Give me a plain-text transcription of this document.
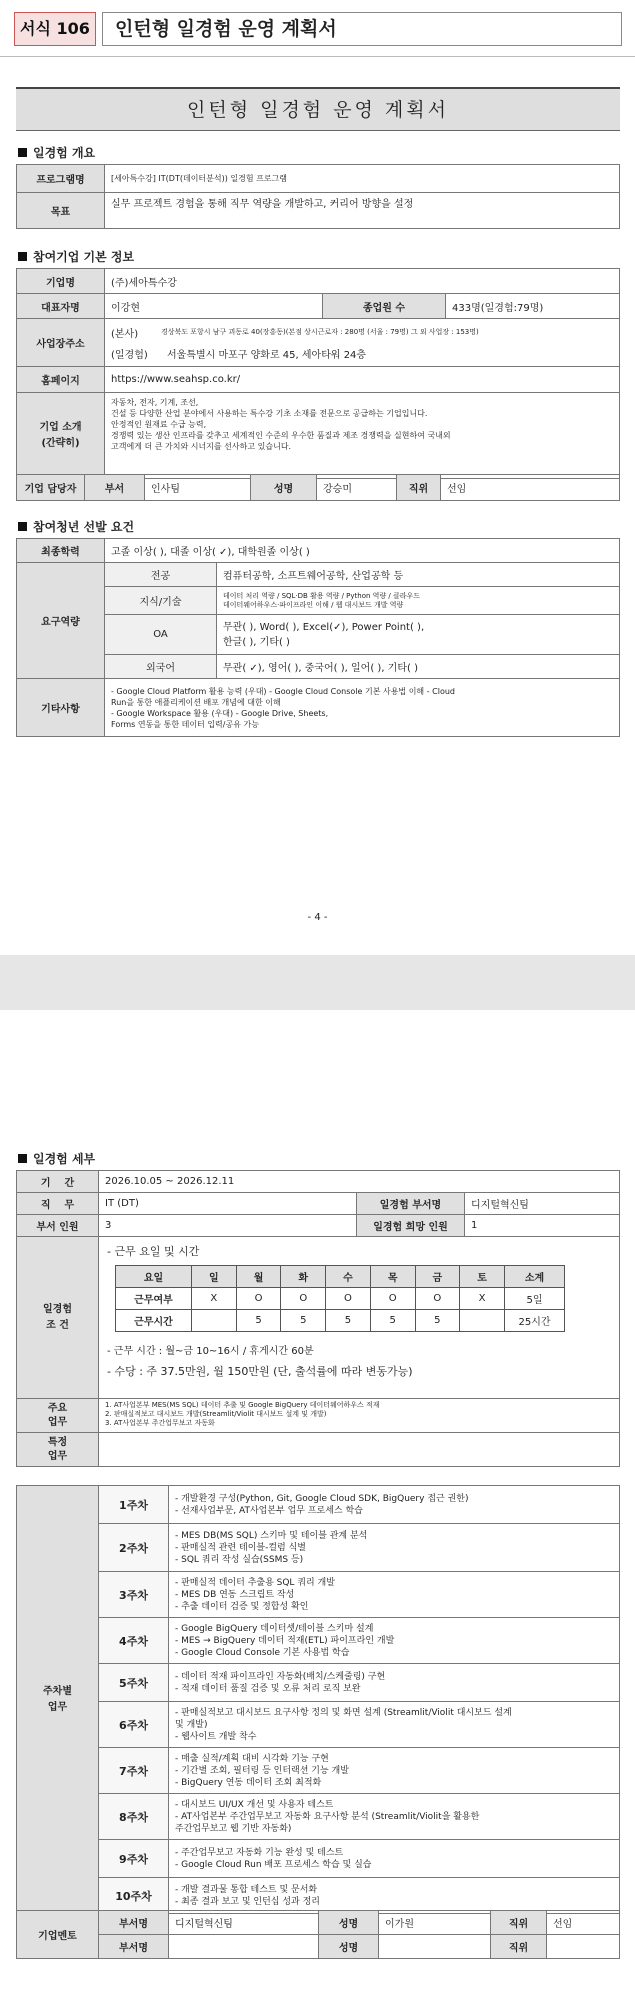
서식 106	인턴형 일경험 운영 계획서
인턴형 일경험 운영 계획서
일경험 개요
프로그램명	[세아특수강] IT(DT(데이터분석)) 일경험 프로그램
목표	실무 프로젝트 경험을 통해 직무 역량을 개발하고, 커리어 방향을 설정
참여기업 기본 정보
기업명	(주)세아특수강		
대표자명	이강현	종업원 수	433명(일경험:79명)
사업장주소	(본사) 경상북도 포항시 남구 괴동로 40(장흥동)(본점 상시근로자 : 280명 (서울 : 79명) 그 외 사업장 : 153명)
(일경험) 서울특별시 마포구 양화로 45, 세아타워 24층		

홈페이지	https://www.seahsp.co.kr/		
기업 소개
(간략히)	자동차, 전자, 기계, 조선,
건설 등 다양한 산업 분야에서 사용하는 특수강 기초 소재를 전문으로 공급하는 기업입니다.
안정적인 원재료 수급 능력,
경쟁력 있는 생산 인프라를 갖추고 세계적인 수준의 우수한 품질과 제조 경쟁력을 실현하여 국내외
고객에게 더 큰 가치와 시너지를 선사하고 있습니다.		
기업 담당자	부서	인사팀	성명	강승미	직위	선임
참여청년 선발 요건
최종학력	고졸 이상( ), 대졸 이상( ✓), 대학원졸 이상( )	
요구역량	전공	컴퓨터공학, 소프트웨어공학, 산업공학 등
	지식/기술	데이터 처리 역량 / SQL·DB 활용 역량 / Python 역량 / 클라우드
데이터웨어하우스·파이프라인 이해 / 웹 대시보드 개발 역량
	OA	무관( ), Word( ), Excel(✓), Power Point( ),
한글( ), 기타( )
	외국어	무관( ✓), 영어( ), 중국어( ), 일어( ), 기타( )
기타사항	- Google Cloud Platform 활용 능력 (우대) - Google Cloud Console 기본 사용법 이해 - Cloud
Run을 통한 애플리케이션 배포 개념에 대한 이해
- Google Workspace 활용 (우대) - Google Drive, Sheets,
Forms 연동을 통한 데이터 입력/공유 가능	
- 4 -
일경험 세부
기    간	2026.10.05 ~ 2026.12.11
직    무	IT (DT)	일경험 부서명	디지털혁신팀
부서 인원	3	일경험 희망 인원	1
일경험
조 건	
- 근무 요일 및 시간
요일	일	월	화	수	목	금	토	소계
근무여부	X	O	O	O	O	O	X	5일
근무시간		5	5	5	5	5		25시간
- 근무 시간 : 월~금 10~16시 / 휴게시간 60분
- 수당 : 주 37.5만원, 월 150만원 (단, 출석률에 따라 변동가능)

주요
업무	1. AT사업본부 MES(MS SQL) 데이터 추출 및 Google BigQuery 데이터웨어하우스 적재
2. 판매실적보고 대시보드 개발(Streamlit/Violit 대시보드 설계 및 개발)
3. AT사업본부 주간업무보고 자동화
특정
업무	
주차별
업무	1주차	- 개발환경 구성(Python, Git, Google Cloud SDK, BigQuery 접근 권한)
- 선재사업부문, AT사업본부 업무 프로세스 학습
	2주차	- MES DB(MS SQL) 스키마 및 테이블 관계 분석
- 판매실적 관련 테이블-컬럼 식별
- SQL 쿼리 작성 실습(SSMS 등)
	3주차	- 판매실적 데이터 추출용 SQL 쿼리 개발
- MES DB 연동 스크립트 작성
- 추출 데이터 검증 및 정합성 확인
	4주차	- Google BigQuery 데이터셋/테이블 스키마 설계
- MES → BigQuery 데이터 적재(ETL) 파이프라인 개발
- Google Cloud Console 기본 사용법 학습
	5주차	- 데이터 적재 파이프라인 자동화(배치/스케줄링) 구현
- 적재 데이터 품질 검증 및 오류 처리 로직 보완
	6주차	- 판매실적보고 대시보드 요구사항 정의 및 화면 설계 (Streamlit/Violit 대시보드 설계
및 개발)
- 웹사이트 개발 착수
	7주차	- 매출 실적/계획 대비 시각화 기능 구현
- 기간별 조회, 필터링 등 인터랙션 기능 개발
- BigQuery 연동 데이터 조회 최적화
	8주차	- 대시보드 UI/UX 개선 및 사용자 테스트
- AT사업본부 주간업무보고 자동화 요구사항 분석 (Streamlit/Violit을 활용한
주간업무보고 웹 기반 자동화)
	9주차	- 주간업무보고 자동화 기능 완성 및 테스트
- Google Cloud Run 배포 프로세스 학습 및 실습
	10주차	- 개발 결과물 통합 테스트 및 문서화
- 최종 결과 보고 및 인턴십 성과 정리
기업멘토	부서명	디지털혁신팀	성명	이가원	직위	선임
	부서명		성명		직위	
